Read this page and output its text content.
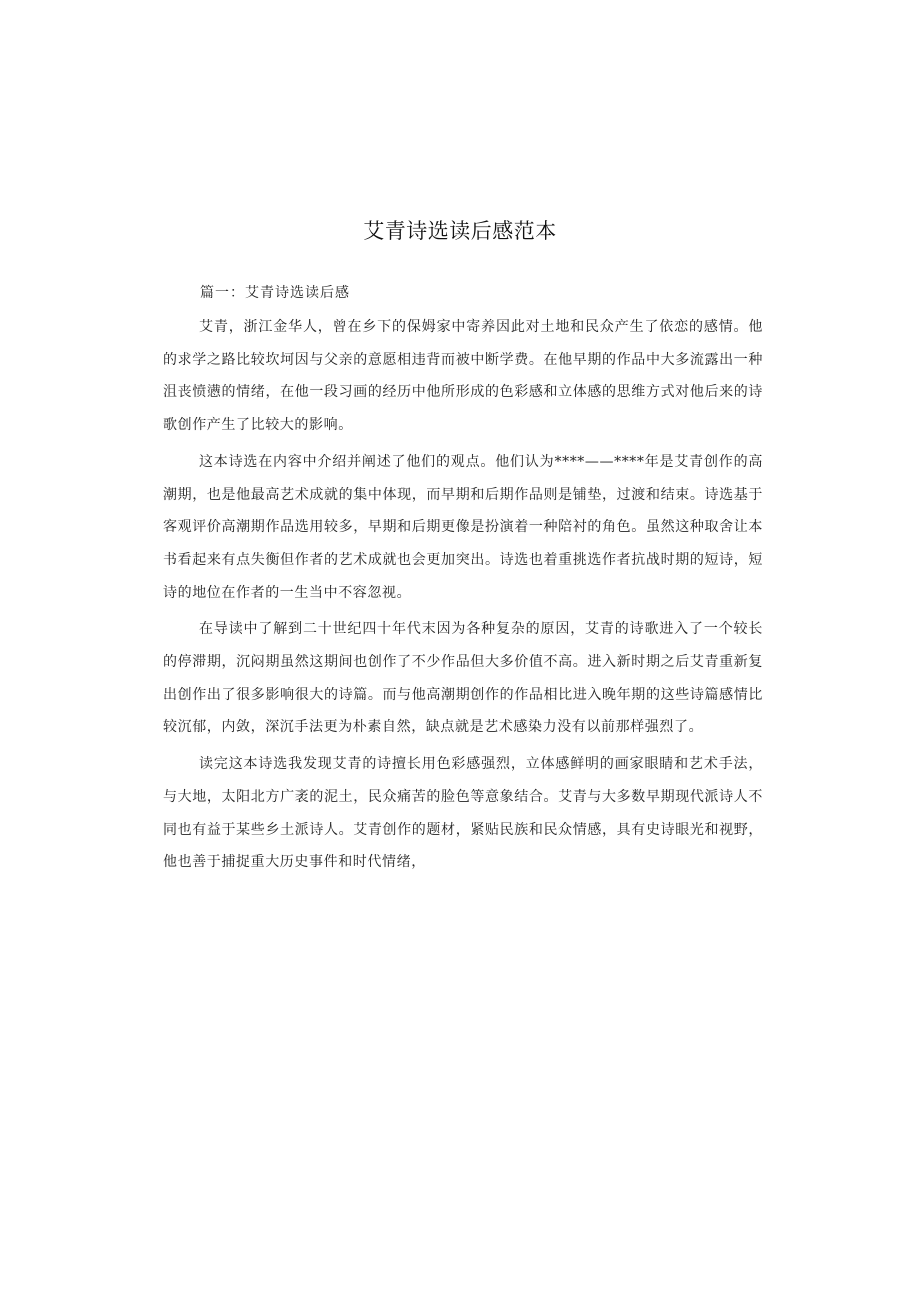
艾青诗选读后感范本
篇一：艾青诗选读后感

艾青，浙江金华人，曾在乡下的保姆家中寄养因此对土地和民众产生了依恋的感情。他的求学之路比较坎坷因与父亲的意愿相违背而被中断学费。在他早期的作品中大多流露出一种沮丧愤懑的情绪，在他一段习画的经历中他所形成的色彩感和立体感的思维方式对他后来的诗歌创作产生了比较大的影响。

这本诗选在内容中介绍并阐述了他们的观点。他们认为****——****年是艾青创作的高潮期，也是他最高艺术成就的集中体现，而早期和后期作品则是铺垫，过渡和结束。诗选基于客观评价高潮期作品选用较多，早期和后期更像是扮演着一种陪衬的角色。虽然这种取舍让本书看起来有点失衡但作者的艺术成就也会更加突出。诗选也着重挑选作者抗战时期的短诗，短诗的地位在作者的一生当中不容忽视。

在导读中了解到二十世纪四十年代末因为各种复杂的原因，艾青的诗歌进入了一个较长的停滞期，沉闷期虽然这期间也创作了不少作品但大多价值不高。进入新时期之后艾青重新复出创作出了很多影响很大的诗篇。而与他高潮期创作的作品相比进入晚年期的这些诗篇感情比较沉郁，内敛，深沉手法更为朴素自然，缺点就是艺术感染力没有以前那样强烈了。

读完这本诗选我发现艾青的诗擅长用色彩感强烈，立体感鲜明的画家眼睛和艺术手法，与大地，太阳北方广袤的泥土，民众痛苦的脸色等意象结合。艾青与大多数早期现代派诗人不同也有益于某些乡土派诗人。艾青创作的题材，紧贴民族和民众情感，具有史诗眼光和视野，他也善于捕捉重大历史事件和时代情绪，
